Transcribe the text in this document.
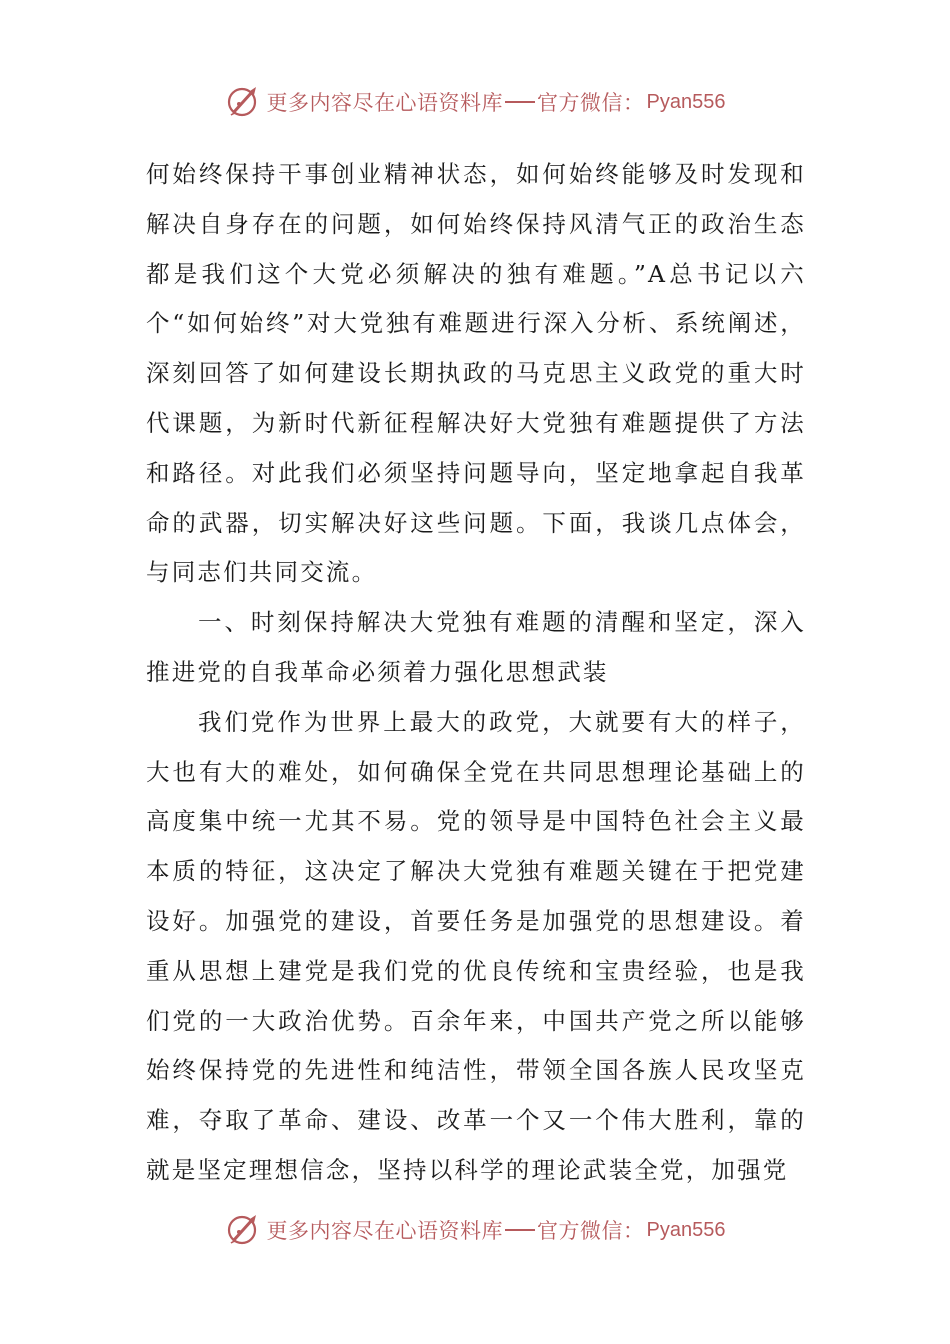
更多内容尽在心语资料库 官方微信： Pyan556

何始终保持干事创业精神状态，如何始终能够及时发现和解决自身存在的问题，如何始终保持风清气正的政治生态都是我们这个大党必须解决的独有难题。”A总书记以六个“如何始终”对大党独有难题进行深入分析、系统阐述，深刻回答了如何建设长期执政的马克思主义政党的重大时代课题，为新时代新征程解决好大党独有难题提供了方法和路径。对此我们必须坚持问题导向，坚定地拿起自我革命的武器，切实解决好这些问题。下面，我谈几点体会，与同志们共同交流。

一、时刻保持解决大党独有难题的清醒和坚定，深入推进党的自我革命必须着力强化思想武装

我们党作为世界上最大的政党，大就要有大的样子，大也有大的难处，如何确保全党在共同思想理论基础上的高度集中统一尤其不易。党的领导是中国特色社会主义最本质的特征，这决定了解决大党独有难题关键在于把党建设好。加强党的建设，首要任务是加强党的思想建设。着重从思想上建党是我们党的优良传统和宝贵经验，也是我们党的一大政治优势。百余年来，中国共产党之所以能够始终保持党的先进性和纯洁性，带领全国各族人民攻坚克难，夺取了革命、建设、改革一个又一个伟大胜利，靠的就是坚定理想信念，坚持以科学的理论武装全党，加强党

更多内容尽在心语资料库 官方微信： Pyan556
